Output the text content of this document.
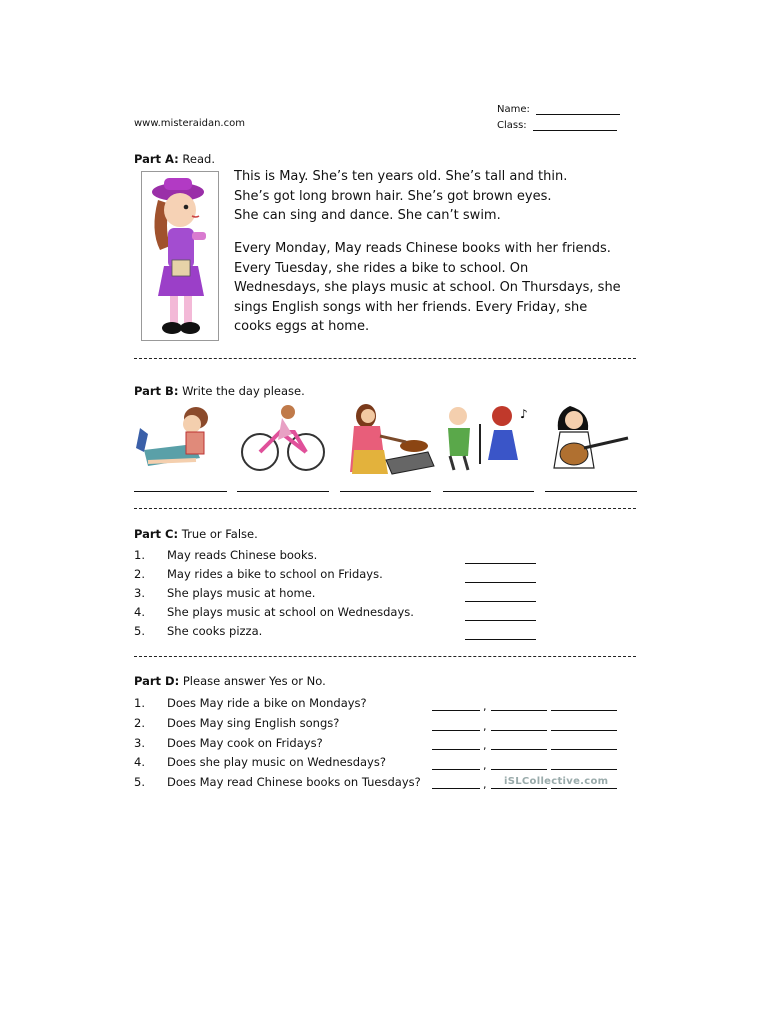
www.misteraidan.com
Name:
Class:
Part A: Read.
This is May. She’s ten years old. She’s tall and thin.
She’s got long brown hair. She’s got brown eyes.
She can sing and dance. She can’t swim.
Every Monday, May reads Chinese books with her friends.
Every Tuesday, she rides a bike to school. On
Wednesdays, she plays music at school. On Thursdays, she
sings English songs with her friends. Every Friday, she
cooks eggs at home.
Part B: Write the day please.
♪
Part C: True or False.
1. May reads Chinese books.
2. May rides a bike to school on Fridays.
3. She plays music at home.
4. She plays music at school on Wednesdays.
5. She cooks pizza.
Part D: Please answer Yes or No.
1. Does May ride a bike on Mondays?	,
2. Does May sing English songs?	,
3. Does May cook on Fridays?	,
4. Does she play music on Wednesdays?	,
5. Does May read Chinese books on Tuesdays?	, iSLCollective.com
